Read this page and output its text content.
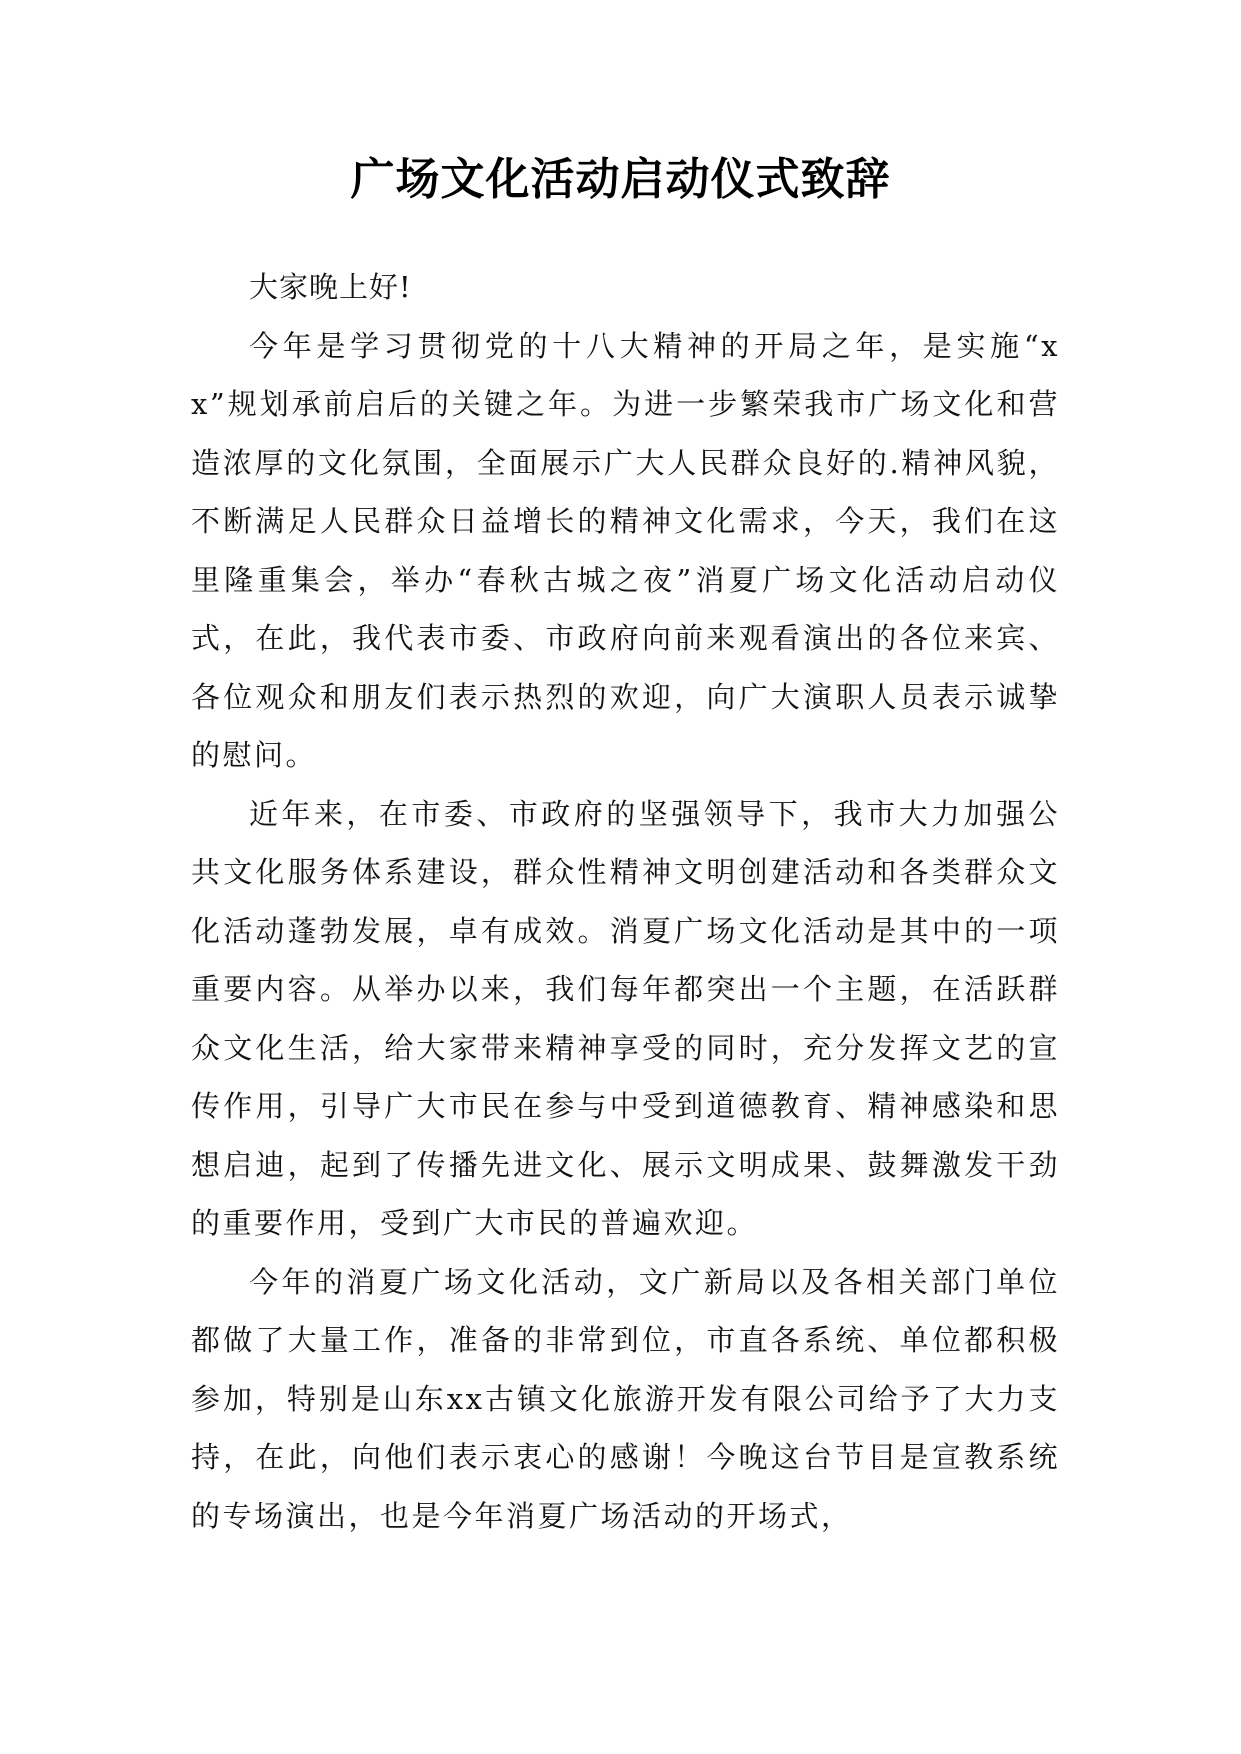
广场文化活动启动仪式致辞

大家晚上好!

今年是学习贯彻党的十八大精神的开局之年，是实施“xx”规划承前启后的关键之年。为进一步繁荣我市广场文化和营造浓厚的文化氛围，全面展示广大人民群众良好的.精神风貌，不断满足人民群众日益增长的精神文化需求，今天，我们在这里隆重集会，举办“春秋古城之夜”消夏广场文化活动启动仪式，在此，我代表市委、市政府向前来观看演出的各位来宾、各位观众和朋友们表示热烈的欢迎，向广大演职人员表示诚挚的慰问。

近年来，在市委、市政府的坚强领导下，我市大力加强公共文化服务体系建设，群众性精神文明创建活动和各类群众文化活动蓬勃发展，卓有成效。消夏广场文化活动是其中的一项重要内容。从举办以来，我们每年都突出一个主题，在活跃群众文化生活，给大家带来精神享受的同时，充分发挥文艺的宣传作用，引导广大市民在参与中受到道德教育、精神感染和思想启迪，起到了传播先进文化、展示文明成果、鼓舞激发干劲的重要作用，受到广大市民的普遍欢迎。

今年的消夏广场文化活动，文广新局以及各相关部门单位都做了大量工作，准备的非常到位，市直各系统、单位都积极参加，特别是山东xx古镇文化旅游开发有限公司给予了大力支持，在此，向他们表示衷心的感谢！今晚这台节目是宣教系统的专场演出，也是今年消夏广场活动的开场式，
